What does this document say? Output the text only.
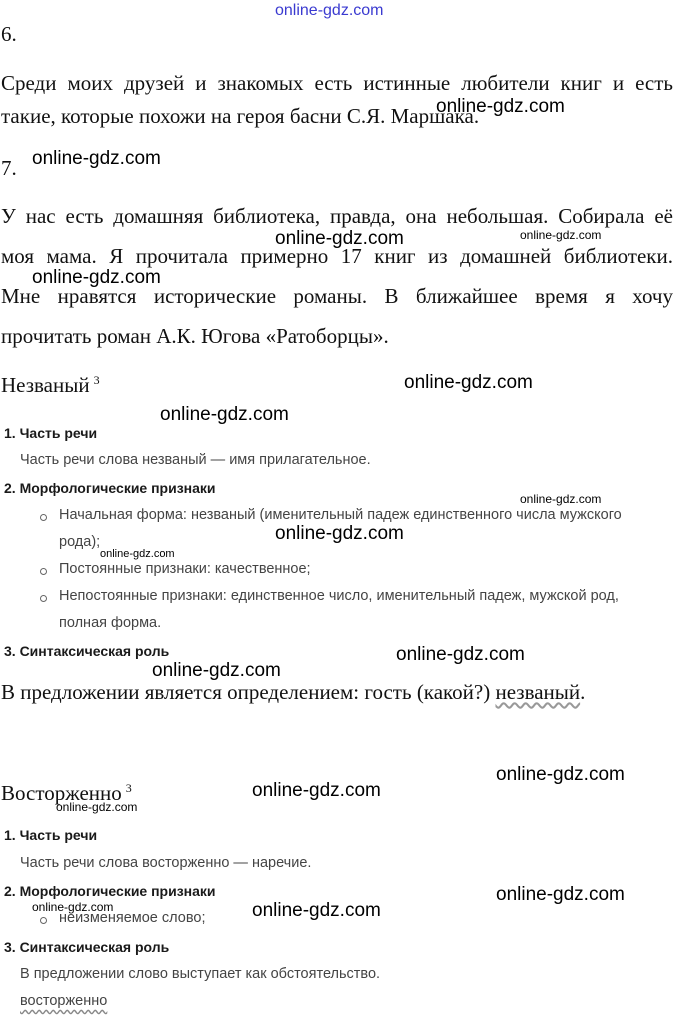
6.
Среди моих друзей и знакомых есть истинные любители книг и есть
такие, которые похожи на героя басни С.Я. Маршака.
7.
У нас есть домашняя библиотека, правда, она небольшая. Собирала её
моя мама. Я прочитала примерно 17 книг из домашней библиотеки.
Мне нравятся исторические романы. В ближайшее время я хочу
прочитать роман А.К. Югова «Ратоборцы».
Незваный $^3$
1. Часть речи
Часть речи слова незваный — имя прилагательное.
2. Морфологические признаки
Начальная форма: незваный (именительный падеж единственного числа мужского
рода);
Постоянные признаки: качественное;
Непостоянные признаки: единственное число, именительный падеж, мужской род,
полная форма.
3. Синтаксическая роль
В предложении является определением: гость (какой?) незваный.
Восторженно $^3$
1. Часть речи
Часть речи слова восторженно — наречие.
2. Морфологические признаки
неизменяемое слово;
3. Синтаксическая роль
В предложении слово выступает как обстоятельство.
восторженно
online-gdz.com
online-gdz.com
online-gdz.com
online-gdz.com	online-gdz.com
online-gdz.com
online-gdz.com
online-gdz.com
online-gdz.com
online-gdz.com
online-gdz.com
online-gdz.com
online-gdz.com
online-gdz.com
online-gdz.com
online-gdz.com
online-gdz.com
online-gdz.com	online-gdz.com
